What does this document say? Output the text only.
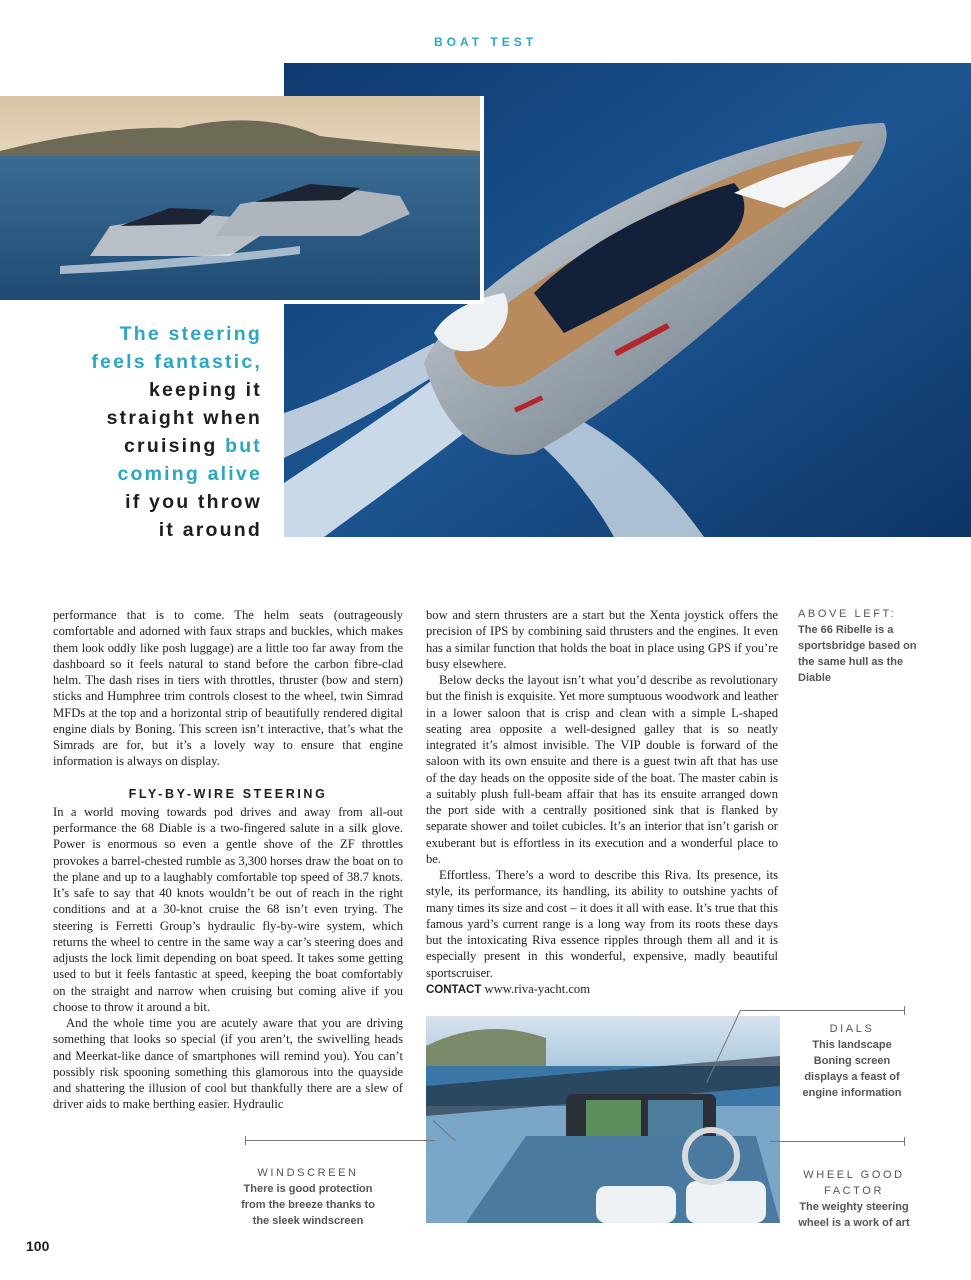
BOAT TEST
The steering
feels fantastic,
keeping it
straight when
cruising but
coming alive
if you throw
it around

performance that is to come. The helm seats (outrageously comfortable and adorned with faux straps and buckles, which makes them look oddly like posh luggage) are a little too far away from the dashboard so it feels natural to stand before the carbon fibre-clad helm. The dash rises in tiers with throttles, thruster (bow and stern) sticks and Humphree trim controls closest to the wheel, twin Simrad MFDs at the top and a horizontal strip of beautifully rendered digital engine dials by Boning. This screen isn’t interactive, that’s what the Simrads are for, but it’s a lovely way to ensure that engine information is always on display.

FLY-BY-WIRE STEERING

In a world moving towards pod drives and away from all-out performance the 68 Diable is a two-fingered salute in a silk glove. Power is enormous so even a gentle shove of the ZF throttles provokes a barrel-chested rumble as 3,300 horses draw the boat on to the plane and up to a laughably comfortable top speed of 38.7 knots. It’s safe to say that 40 knots wouldn’t be out of reach in the right conditions and at a 30-knot cruise the 68 isn’t even trying. The steering is Ferretti Group’s hydraulic fly-by-wire system, which returns the wheel to centre in the same way a car’s steering does and adjusts the lock limit depending on boat speed. It takes some getting used to but it feels fantastic at speed, keeping the boat comfortably on the straight and narrow when cruising but coming alive if you choose to throw it around a bit.

And the whole time you are acutely aware that you are driving something that looks so special (if you aren’t, the swivelling heads and Meerkat-like dance of smartphones will remind you). You can’t possibly risk spooning something this glamorous into the quayside and shattering the illusion of cool but thankfully there are a slew of driver aids to make berthing easier. Hydraulic

bow and stern thrusters are a start but the Xenta joystick offers the precision of IPS by combining said thrusters and the engines. It even has a similar function that holds the boat in place using GPS if you’re busy elsewhere.

Below decks the layout isn’t what you’d describe as revolutionary but the finish is exquisite. Yet more sumptuous woodwork and leather in a lower saloon that is crisp and clean with a simple L-shaped seating area opposite a well-designed galley that is so neatly integrated it’s almost invisible. The VIP double is forward of the saloon with its own ensuite and there is a guest twin aft that has use of the day heads on the opposite side of the boat. The master cabin is a suitably plush full-beam affair that has its ensuite arranged down the port side with a centrally positioned sink that is flanked by separate shower and toilet cubicles. It’s an interior that isn’t garish or exuberant but is effortless in its execution and a wonderful place to be.

Effortless. There’s a word to describe this Riva. Its presence, its style, its performance, its handling, its ability to outshine yachts of many times its size and cost – it does it all with ease. It’s true that this famous yard’s current range is a long way from its roots these days but the intoxicating Riva essence ripples through them all and it is especially present in this wonderful, expensive, madly beautiful sportscruiser.

CONTACT www.riva-yacht.com

ABOVE LEFT:
The 66 Ribelle is a sportsbridge based on the same hull as the Diable
DIALS
This landscape Boning screen displays a feast of engine information
WHEEL GOOD FACTOR
The weighty steering wheel is a work of art
WINDSCREEN
There is good protection from the breeze thanks to the sleek windscreen
100
